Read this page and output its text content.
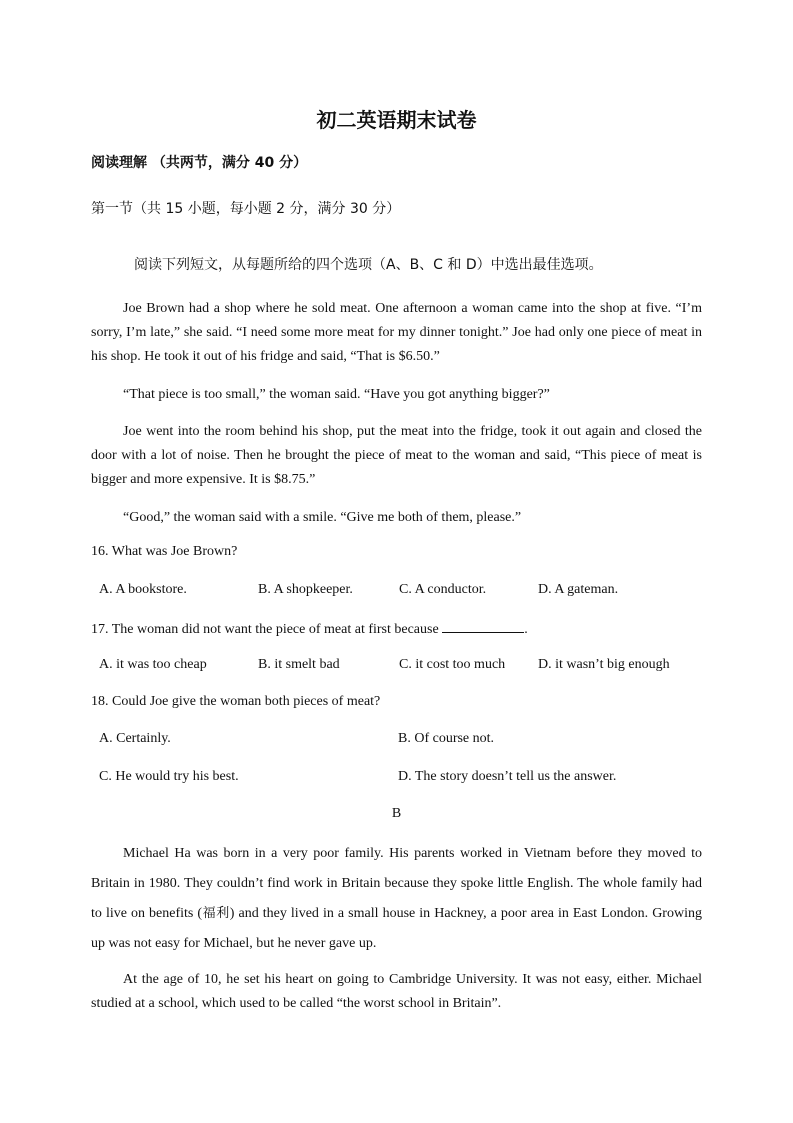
初二英语期末试卷
阅读理解 （共两节，满分 40 分）
第一节（共 15 小题，每小题 2 分，满分 30 分）
阅读下列短文，从每题所给的四个选项（A、B、C 和 D）中选出最佳选项。
Joe Brown had a shop where he sold meat. One afternoon a woman came into the shop at five. “I’m sorry, I’m late,” she said. “I need some more meat for my dinner tonight.” Joe had only one piece of meat in his shop. He took it out of his fridge and said, “That is $6.50.”
“That piece is too small,” the woman said. “Have you got anything bigger?”
Joe went into the room behind his shop, put the meat into the fridge, took it out again and closed the door with a lot of noise. Then he brought the piece of meat to the woman and said, “This piece of meat is bigger and more expensive. It is $8.75.”
“Good,” the woman said with a smile. “Give me both of them, please.”
16. What was Joe Brown?
A. A bookstore.	B. A shopkeeper.	C. A conductor.	D. A gateman.
17. The woman did not want the piece of meat at first because	.
A. it was too cheap	B. it smelt bad	C. it cost too much D. it wasn’t big enough
18. Could Joe give the woman both pieces of meat?
A. Certainly.	B. Of course not.
C. He would try his best.	D. The story doesn’t tell us the answer.
B
Michael Ha was born in a very poor family. His parents worked in Vietnam before they moved to Britain in 1980. They couldn’t find work in Britain because they spoke little English. The whole family had to live on benefits (福利) and they lived in a small house in Hackney, a poor area in East London. Growing up was not easy for Michael, but he never gave up.
At the age of 10, he set his heart on going to Cambridge University. It was not easy, either. Michael studied at a school, which used to be called “the worst school in Britain”.
